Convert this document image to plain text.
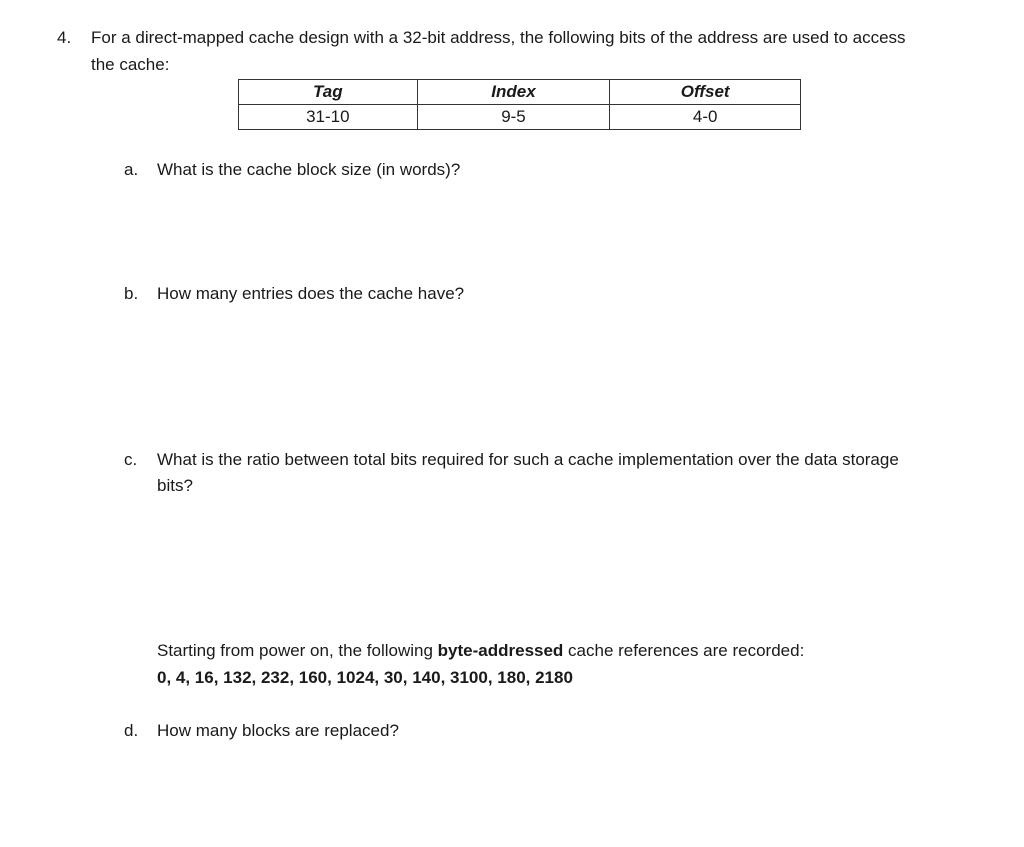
4. For a direct-mapped cache design with a 32-bit address, the following bits of the address are used to access
the cache:
Tag	Index	Offset
31-10	9-5	4-0
a. What is the cache block size (in words)?
b. How many entries does the cache have?
c. What is the ratio between total bits required for such a cache implementation over the data storage
bits?
Starting from power on, the following byte-addressed cache references are recorded:
0, 4, 16, 132, 232, 160, 1024, 30, 140, 3100, 180, 2180
d. How many blocks are replaced?
